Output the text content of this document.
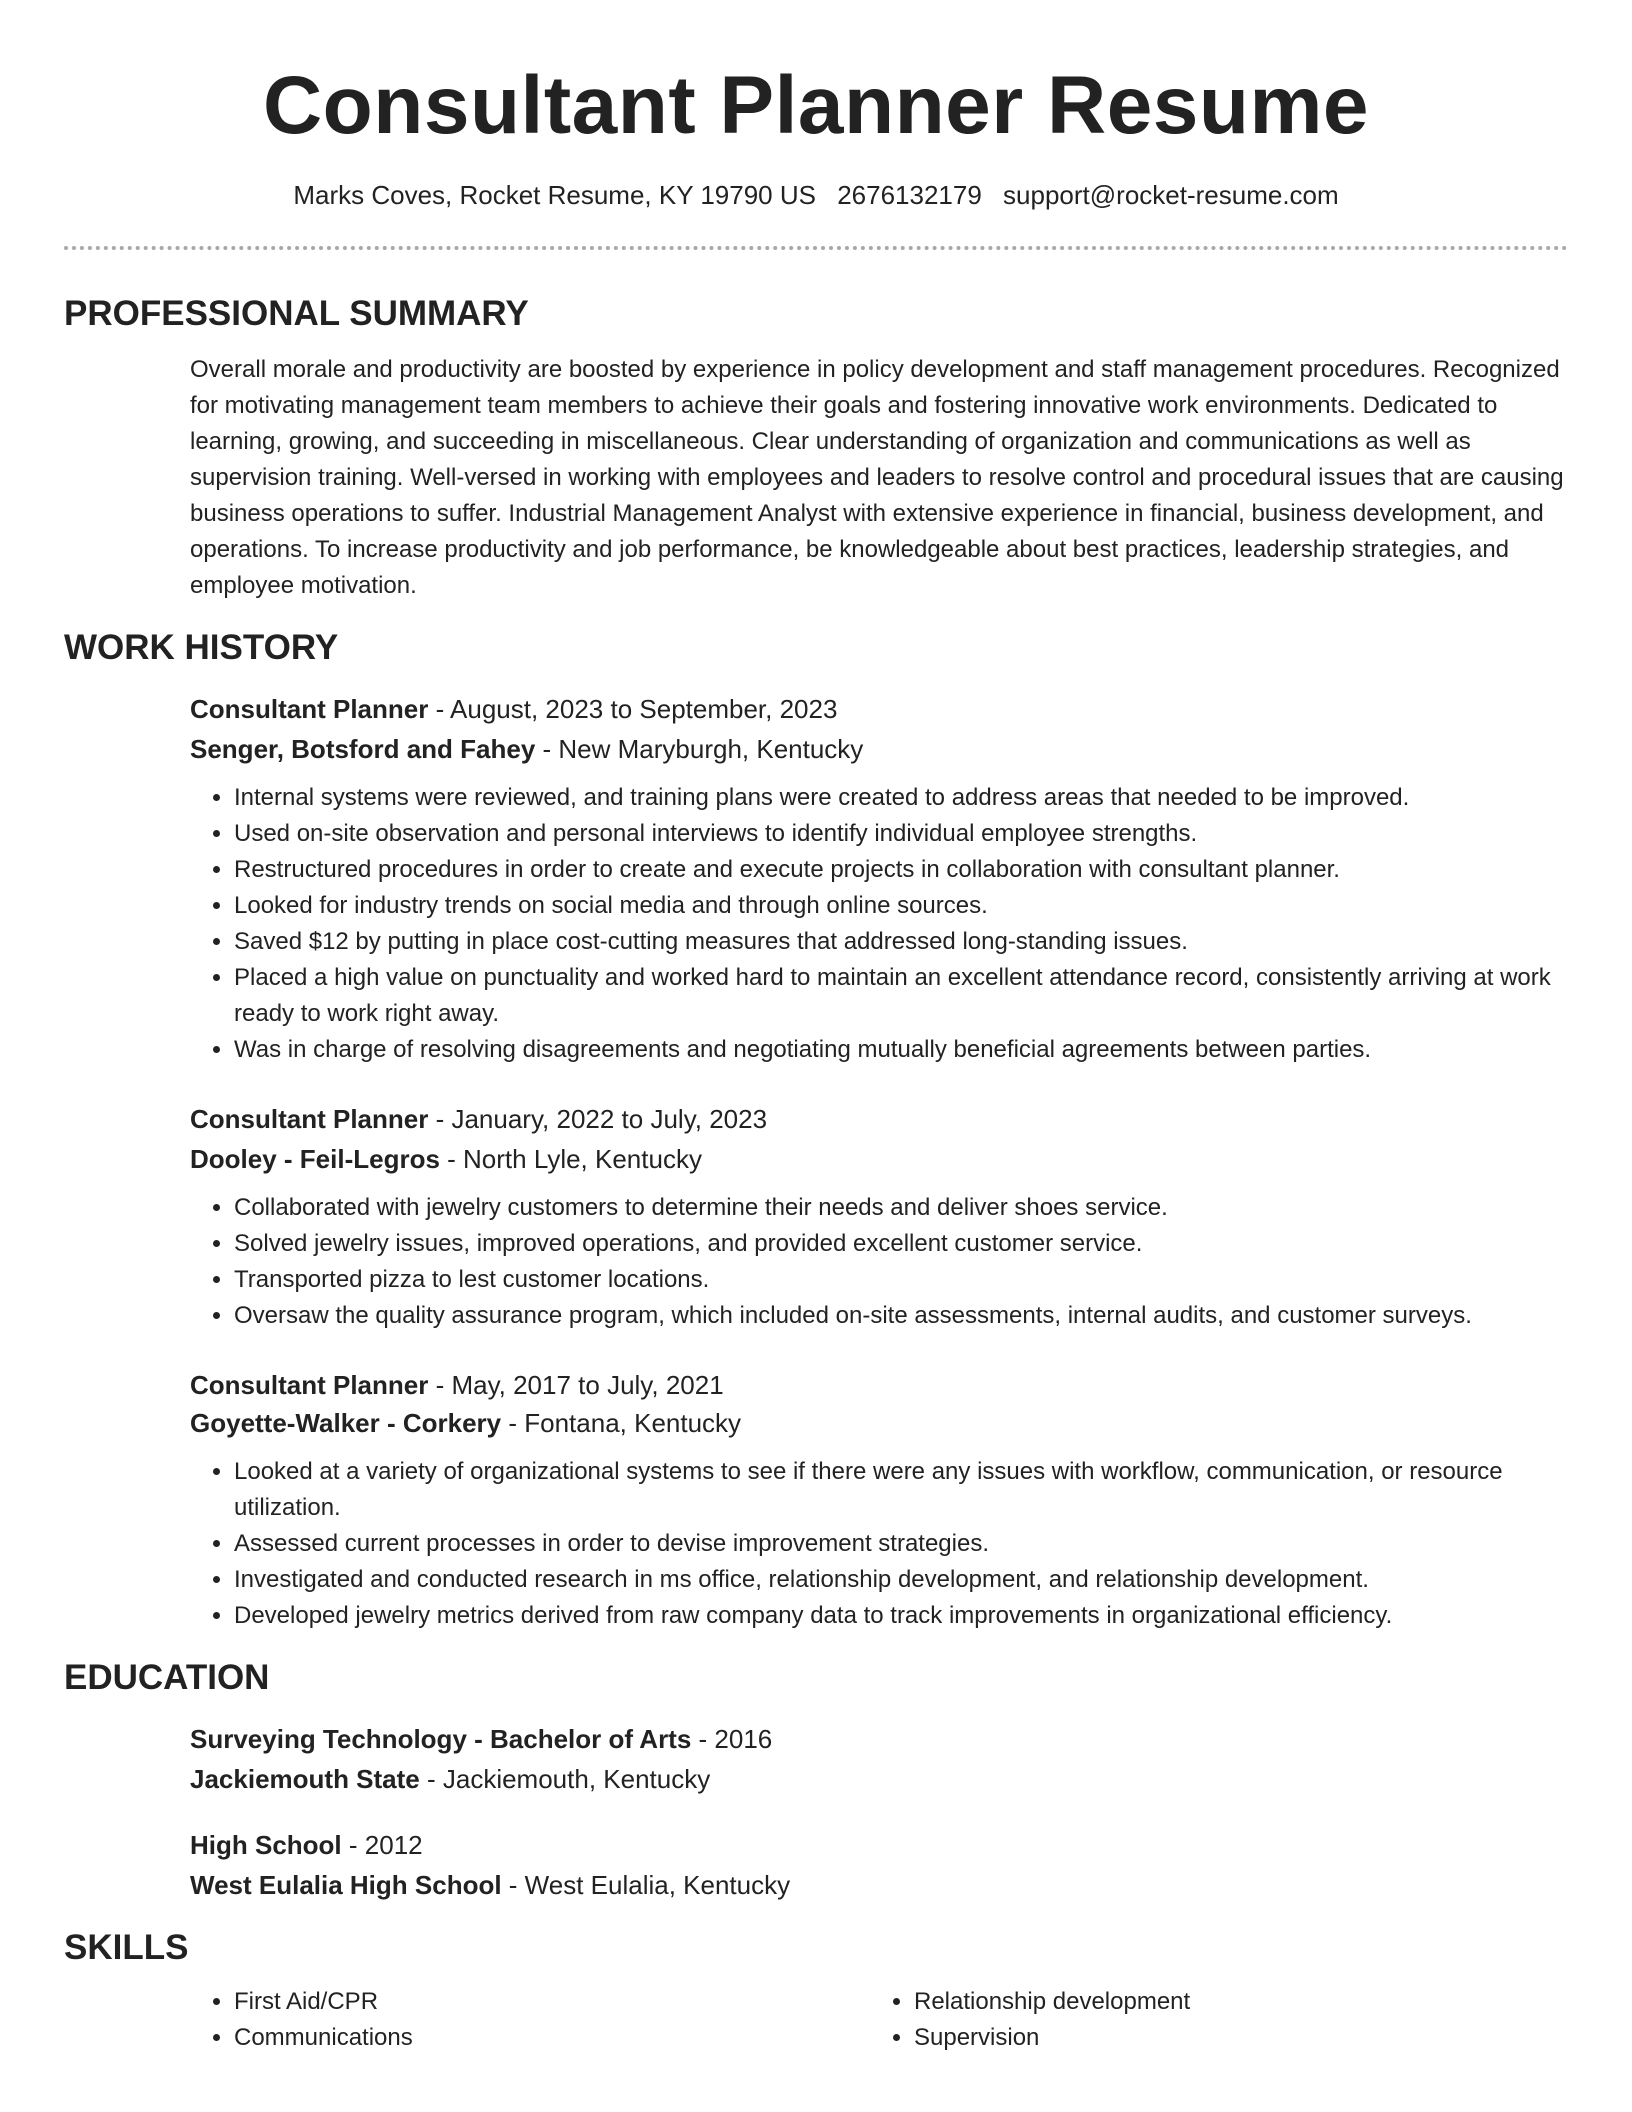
Consultant Planner Resume
Marks Coves, Rocket Resume, KY 19790 US 2676132179 support@rocket-resume.com
PROFESSIONAL SUMMARY
Overall morale and productivity are boosted by experience in policy development and staff management procedures. Recognized for motivating management team members to achieve their goals and fostering innovative work environments. Dedicated to learning, growing, and succeeding in miscellaneous. Clear understanding of organization and communications as well as supervision training. Well-versed in working with employees and leaders to resolve control and procedural issues that are causing business operations to suffer. Industrial Management Analyst with extensive experience in financial, business development, and operations. To increase productivity and job performance, be knowledgeable about best practices, leadership strategies, and employee motivation.
WORK HISTORY
Consultant Planner - August, 2023 to September, 2023
Senger, Botsford and Fahey - New Maryburgh, Kentucky
• Internal systems were reviewed, and training plans were created to address areas that needed to be improved.
• Used on-site observation and personal interviews to identify individual employee strengths.
• Restructured procedures in order to create and execute projects in collaboration with consultant planner.
• Looked for industry trends on social media and through online sources.
• Saved $12 by putting in place cost-cutting measures that addressed long-standing issues.
• Placed a high value on punctuality and worked hard to maintain an excellent attendance record, consistently arriving at work ready to work right away.
• Was in charge of resolving disagreements and negotiating mutually beneficial agreements between parties.
Consultant Planner - January, 2022 to July, 2023
Dooley - Feil-Legros - North Lyle, Kentucky
• Collaborated with jewelry customers to determine their needs and deliver shoes service.
• Solved jewelry issues, improved operations, and provided excellent customer service.
• Transported pizza to lest customer locations.
• Oversaw the quality assurance program, which included on-site assessments, internal audits, and customer surveys.
Consultant Planner - May, 2017 to July, 2021
Goyette-Walker - Corkery - Fontana, Kentucky
• Looked at a variety of organizational systems to see if there were any issues with workflow, communication, or resource utilization.
• Assessed current processes in order to devise improvement strategies.
• Investigated and conducted research in ms office, relationship development, and relationship development.
• Developed jewelry metrics derived from raw company data to track improvements in organizational efficiency.
EDUCATION
Surveying Technology - Bachelor of Arts - 2016
Jackiemouth State - Jackiemouth, Kentucky
High School - 2012
West Eulalia High School - West Eulalia, Kentucky
SKILLS
• First Aid/CPR
• Communications
• Relationship development
• Supervision
